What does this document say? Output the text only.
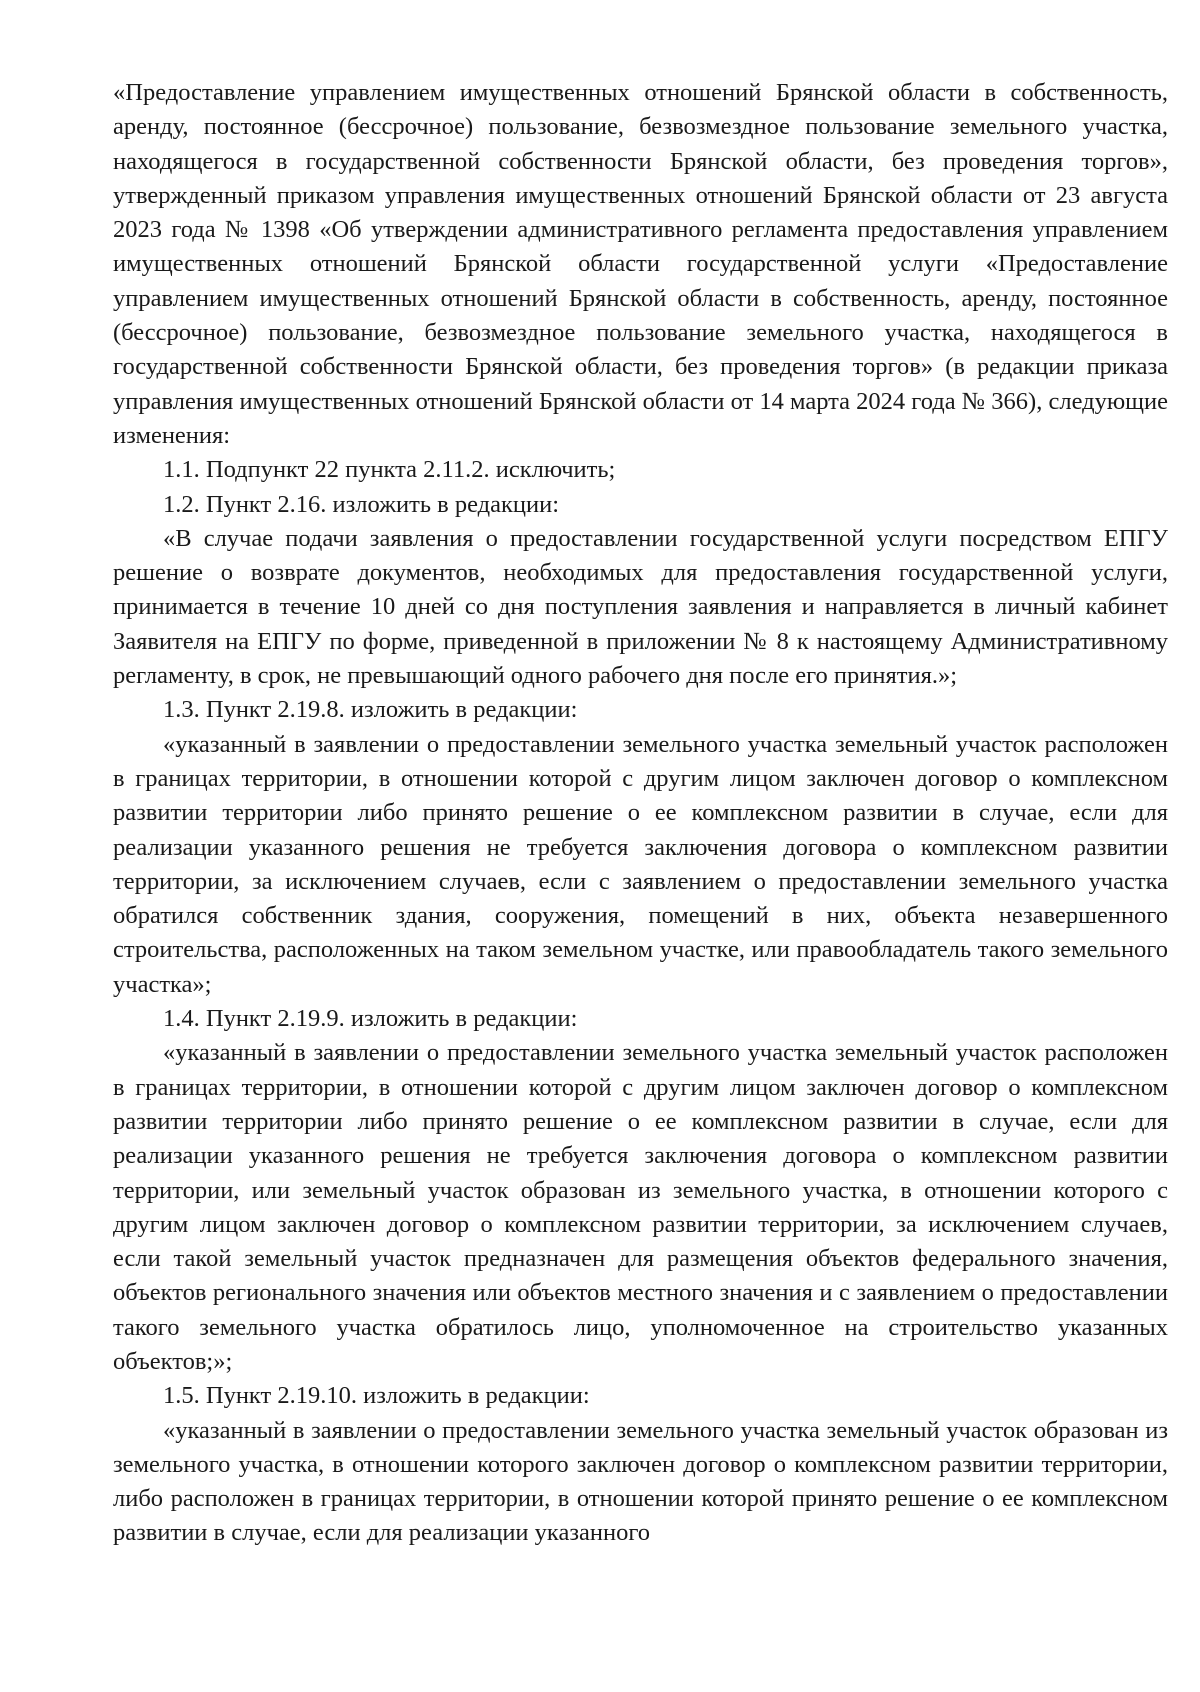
«Предоставление управлением имущественных отношений Брянской области в собственность, аренду, постоянное (бессрочное) пользование, безвозмездное пользование земельного участка, находящегося в государственной собственности Брянской области, без проведения торгов», утвержденный приказом управления имущественных отношений Брянской области от 23 августа 2023 года № 1398 «Об утверждении административного регламента предоставления управлением имущественных отношений Брянской области государственной услуги «Предоставление управлением имущественных отношений Брянской области в собственность, аренду, постоянное (бессрочное) пользование, безвозмездное пользование земельного участка, находящегося в государственной собственности Брянской области, без проведения торгов» (в редакции приказа управления имущественных отношений Брянской области от 14 марта 2024 года № 366), следующие изменения:

1.1. Подпункт 22 пункта 2.11.2. исключить;

1.2. Пункт 2.16. изложить в редакции:

«В случае подачи заявления о предоставлении государственной услуги посредством ЕПГУ решение о возврате документов, необходимых для предоставления государственной услуги, принимается в течение 10 дней со дня поступления заявления и направляется в личный кабинет Заявителя на ЕПГУ по форме, приведенной в приложении № 8 к настоящему Административному регламенту, в срок, не превышающий одного рабочего дня после его принятия.»;

1.3. Пункт 2.19.8. изложить в редакции:

«указанный в заявлении о предоставлении земельного участка земельный участок расположен в границах территории, в отношении которой с другим лицом заключен договор о комплексном развитии территории либо принято решение о ее комплексном развитии в случае, если для реализации указанного решения не требуется заключения договора о комплексном развитии территории, за исключением случаев, если с заявлением о предоставлении земельного участка обратился собственник здания, сооружения, помещений в них, объекта незавершенного строительства, расположенных на таком земельном участке, или правообладатель такого земельного участка»;

1.4. Пункт 2.19.9. изложить в редакции:

«указанный в заявлении о предоставлении земельного участка земельный участок расположен в границах территории, в отношении которой с другим лицом заключен договор о комплексном развитии территории либо принято решение о ее комплексном развитии в случае, если для реализации указанного решения не требуется заключения договора о комплексном развитии территории, или земельный участок образован из земельного участка, в отношении которого с другим лицом заключен договор о комплексном развитии территории, за исключением случаев, если такой земельный участок предназначен для размещения объектов федерального значения, объектов регионального значения или объектов местного значения и с заявлением о предоставлении такого земельного участка обратилось лицо, уполномоченное на строительство указанных объектов;»;

1.5. Пункт 2.19.10. изложить в редакции:

«указанный в заявлении о предоставлении земельного участка земельный участок образован из земельного участка, в отношении которого заключен договор о комплексном развитии территории, либо расположен в границах территории, в отношении которой принято решение о ее комплексном развитии в случае, если для реализации указанного
